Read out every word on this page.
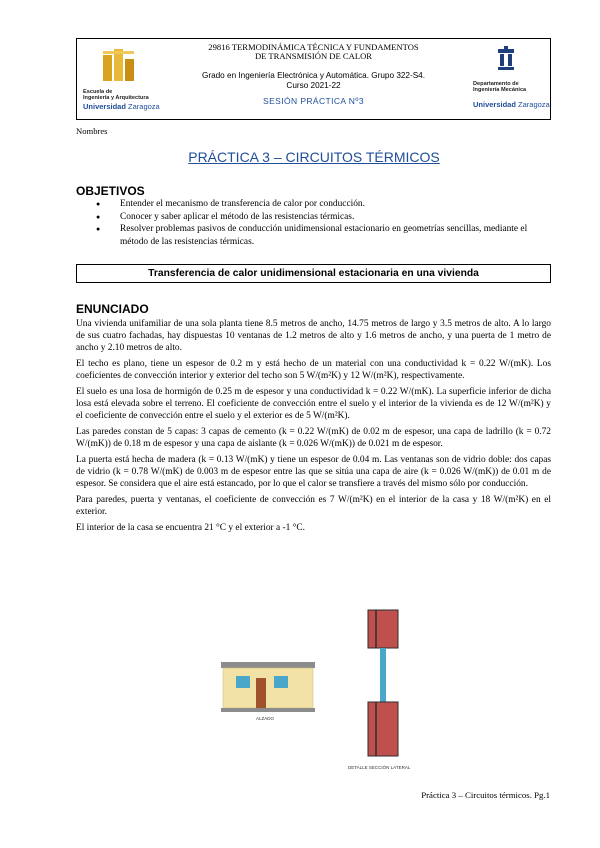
Escuela de
Ingeniería y Arquitectura
Universidad Zaragoza
29816 TERMODINÁMICA TÉCNICA Y FUNDAMENTOS
DE TRANSMISIÓN DE CALOR
Grado en Ingeniería Electrónica y Automática. Grupo 322-S4.
Curso 2021-22
SESIÓN PRÁCTICA Nº3
Departamento de
Ingeniería Mecánica
Universidad Zaragoza
Nombres
PRÁCTICA 3 – CIRCUITOS TÉRMICOS
OBJETIVOS
● Entender el mecanismo de transferencia de calor por conducción.
● Conocer y saber aplicar el método de las resistencias térmicas.
● Resolver problemas pasivos de conducción unidimensional estacionario en geometrías sencillas, mediante el método de las resistencias térmicas.
Transferencia de calor unidimensional estacionaria en una vivienda
ENUNCIADO

Una vivienda unifamiliar de una sola planta tiene 8.5 metros de ancho, 14.75 metros de largo y 3.5 metros de alto. A lo largo de sus cuatro fachadas, hay dispuestas 10 ventanas de 1.2 metros de alto y 1.6 metros de ancho, y una puerta de 1 metro de ancho y 2.10 metros de alto.

El techo es plano, tiene un espesor de 0.2 m y está hecho de un material con una conductividad k = 0.22 W/(mK). Los coeficientes de convección interior y exterior del techo son 5 W/(m²K) y 12 W/(m²K), respectivamente.

El suelo es una losa de hormigón de 0.25 m de espesor y una conductividad k = 0.22 W/(mK). La superficie inferior de dicha losa está elevada sobre el terreno. El coeficiente de convección entre el suelo y el interior de la vivienda es de 12 W/(m²K) y el coeficiente de convección entre el suelo y el exterior es de 5 W/(m²K).

Las paredes constan de 5 capas: 3 capas de cemento (k = 0.22 W/(mK) de 0.02 m de espesor, una capa de ladrillo (k = 0.72 W/(mK)) de 0.18 m de espesor y una capa de aislante (k = 0.026 W/(mK)) de 0.021 m de espesor.

La puerta está hecha de madera (k = 0.13 W/(mK) y tiene un espesor de 0.04 m. Las ventanas son de vidrio doble: dos capas de vidrio (k = 0.78 W/(mK) de 0.003 m de espesor entre las que se sitúa una capa de aire (k = 0.026 W/(mK)) de 0.01 m de espesor. Se considera que el aire está estancado, por lo que el calor se transfiere a través del mismo sólo por conducción.

Para paredes, puerta y ventanas, el coeficiente de convección es 7 W/(m²K) en el interior de la casa y 18 W/(m²K) en el exterior.

El interior de la casa se encuentra 21 °C y el exterior a -1 °C.

ALZADO
DETALLE SECCIÓN LATERAL
Práctica 3 – Circuitos térmicos. Pg.1
